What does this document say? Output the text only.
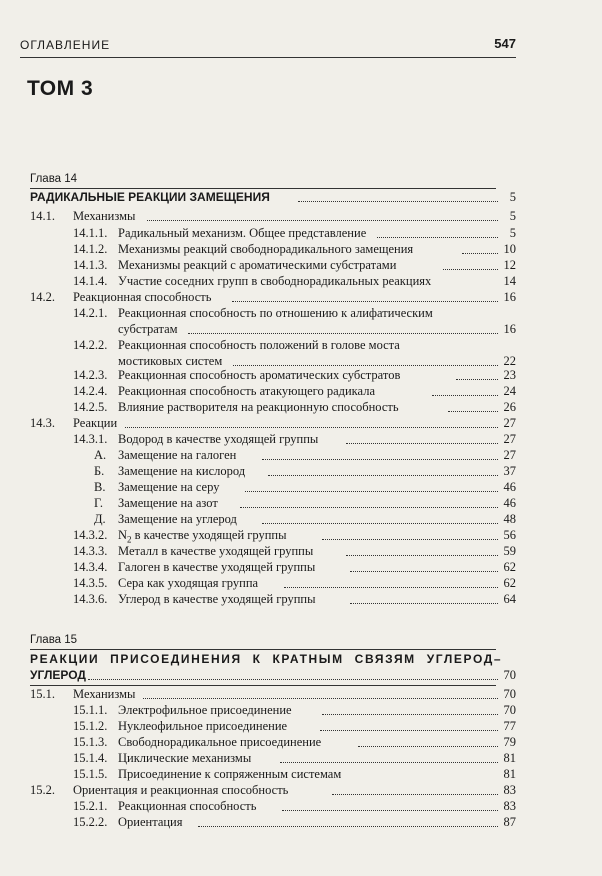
ОГЛАВЛЕНИЕ	547
ТОМ 3
Глава 14
РАДИКАЛЬНЫЕ РЕАКЦИИ ЗАМЕЩЕНИЯ	5
14.1. Механизмы	5
14.1.1. Радикальный механизм. Общее представление	5
14.1.2. Механизмы реакций свободнорадикального замещения	10
14.1.3. Механизмы реакций с ароматическими субстратами	12
14.1.4. Участие соседних групп в свободнорадикальных реакциях	14
14.2. Реакционная способность	16
14.2.1. Реакционная способность по отношению к алифатическим
субстратам	16
14.2.2. Реакционная способность положений в голове моста
мостиковых систем	22
14.2.3. Реакционная способность ароматических субстратов	23
14.2.4. Реакционная способность атакующего радикала	24
14.2.5. Влияние растворителя на реакционную способность	26
14.3. Реакции	27
14.3.1. Водород в качестве уходящей группы	27
А. Замещение на галоген	27
Б. Замещение на кислород	37
В. Замещение на серу	46
Г. Замещение на азот	46
Д. Замещение на углерод	48
14.3.2. $N_2$ в качестве уходящей группы	56
14.3.3. Металл в качестве уходящей группы	59
14.3.4. Галоген в качестве уходящей группы	62
14.3.5. Сера как уходящая группа	62
14.3.6. Углерод в качестве уходящей группы	64
Глава 15
РЕАКЦИИ ПРИСОЕДИНЕНИЯ К КРАТНЫМ СВЯЗЯМ УГЛЕРОД–
УГЛЕРОД	70
15.1. Механизмы	70
15.1.1. Электрофильное присоединение	70
15.1.2. Нуклеофильное присоединение	77
15.1.3. Свободнорадикальное присоединение	79
15.1.4. Циклические механизмы	81
15.1.5. Присоединение к сопряженным системам	81
15.2. Ориентация и реакционная способность	83
15.2.1. Реакционная способность	83
15.2.2. Ориентация	87
